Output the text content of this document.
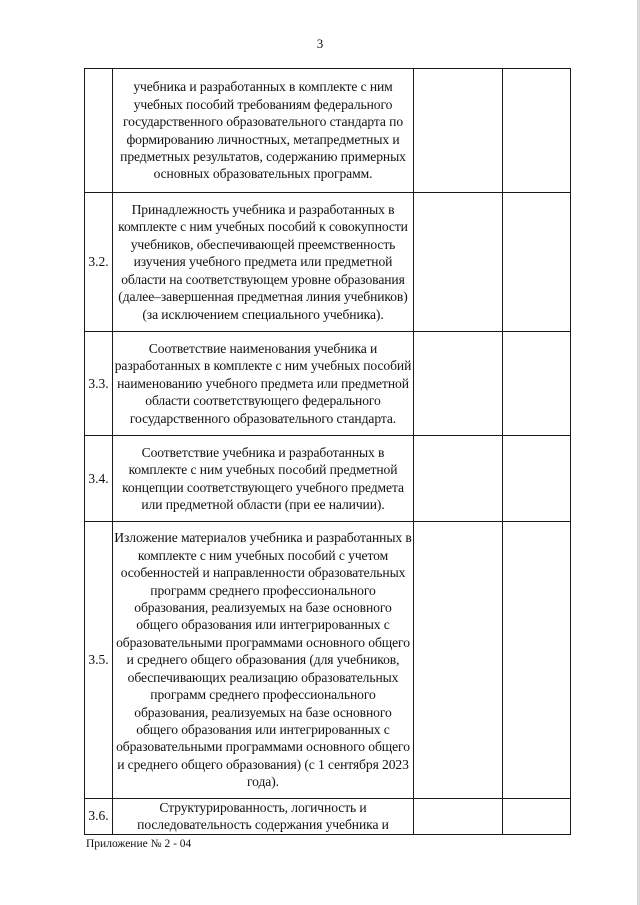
3
	учебника и разработанных в комплекте с ним учебных пособий требованиям федерального государственного образовательного стандарта по формированию личностных, метапредметных и предметных результатов, содержанию примерных основных образовательных программ.		
3.2.	Принадлежность учебника и разработанных в комплекте с ним учебных пособий к совокупности учебников, обеспечивающей преемственность изучения учебного предмета или предметной области на соответствующем уровне образования (далее–завершенная предметная линия учебников) (за исключением специального учебника).		
3.3.	Соответствие наименования учебника и разработанных в комплекте с ним учебных пособий наименованию учебного предмета или предметной области соответствующего федерального государственного образовательного стандарта.		
3.4.	Соответствие учебника и разработанных в комплекте с ним учебных пособий предметной концепции соответствующего учебного предмета или предметной области (при ее наличии).		
3.5.	Изложение материалов учебника и разработанных в комплекте с ним учебных пособий с учетом особенностей и направленности образовательных программ среднего профессионального образования, реализуемых на базе основного общего образования или интегрированных с образовательными программами основного общего и среднего общего образования (для учебников, обеспечивающих реализацию образовательных программ среднего профессионального образования, реализуемых на базе основного общего образования или интегрированных с образовательными программами основного общего и среднего общего образования) (с 1 сентября 2023 года).		
3.6.	Структурированность, логичность и последовательность содержания учебника и		
Приложение № 2 - 04
